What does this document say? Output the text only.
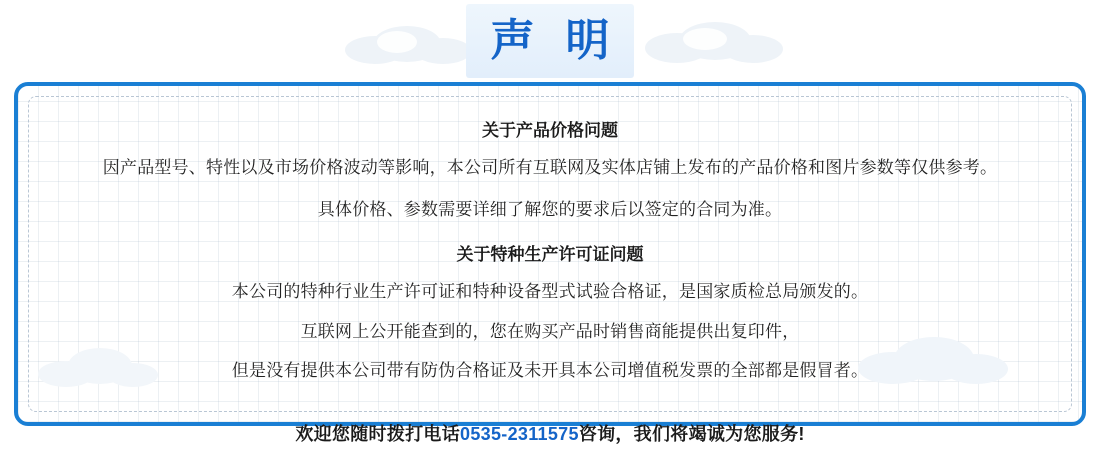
声 明
关于产品价格问题
因产品型号、特性以及市场价格波动等影响，本公司所有互联网及实体店铺上发布的产品价格和图片参数等仅供参考。
具体价格、参数需要详细了解您的要求后以签定的合同为准。
关于特种生产许可证问题
本公司的特种行业生产许可证和特种设备型式试验合格证，是国家质检总局颁发的。
互联网上公开能查到的，您在购买产品时销售商能提供出复印件，
但是没有提供本公司带有防伪合格证及未开具本公司增值税发票的全部都是假冒者。
欢迎您随时拨打电话0535-2311575咨询，我们将竭诚为您服务!
